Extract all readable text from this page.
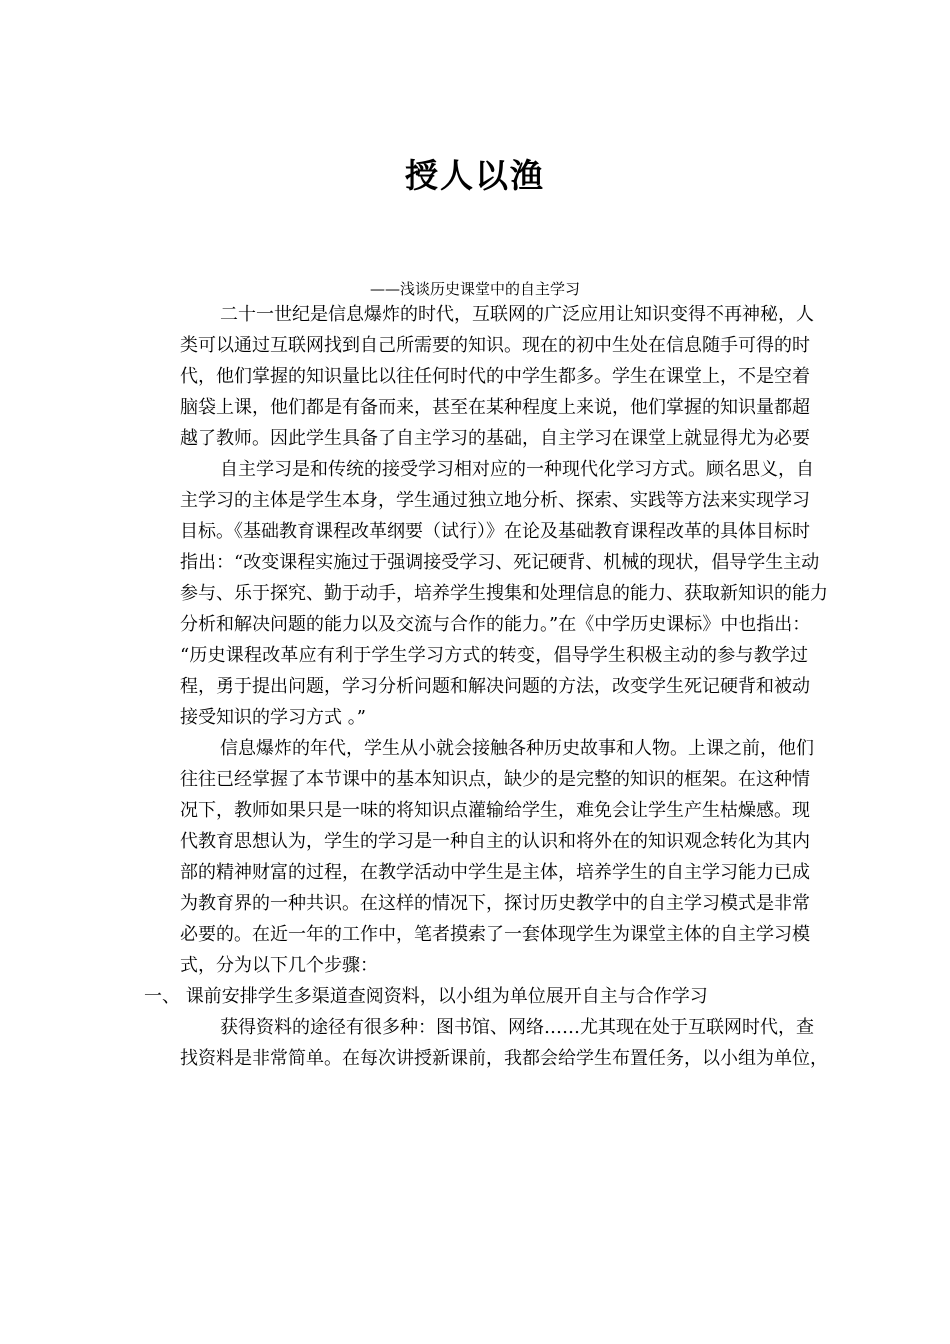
授人以渔
——浅谈历史课堂中的自主学习
二十一世纪是信息爆炸的时代，互联网的广泛应用让知识变得不再神秘，人
类可以通过互联网找到自己所需要的知识。现在的初中生处在信息随手可得的时
代，他们掌握的知识量比以往任何时代的中学生都多。学生在课堂上，不是空着
脑袋上课，他们都是有备而来，甚至在某种程度上来说，他们掌握的知识量都超
越了教师。因此学生具备了自主学习的基础，自主学习在课堂上就显得尤为必要
自主学习是和传统的接受学习相对应的一种现代化学习方式。顾名思义，自
主学习的主体是学生本身，学生通过独立地分析、探索、实践等方法来实现学习
目标。《基础教育课程改革纲要（试行）》在论及基础教育课程改革的具体目标时
指出：“改变课程实施过于强调接受学习、死记硬背、机械的现状，倡导学生主动
参与、乐于探究、勤于动手，培养学生搜集和处理信息的能力、获取新知识的能力
分析和解决问题的能力以及交流与合作的能力。”在《中学历史课标》中也指出：
“历史课程改革应有利于学生学习方式的转变，倡导学生积极主动的参与教学过
程，勇于提出问题，学习分析问题和解决问题的方法，改变学生死记硬背和被动
接受知识的学习方式 。”
信息爆炸的年代，学生从小就会接触各种历史故事和人物。上课之前，他们
往往已经掌握了本节课中的基本知识点，缺少的是完整的知识的框架。在这种情
况下，教师如果只是一味的将知识点灌输给学生，难免会让学生产生枯燥感。现
代教育思想认为，学生的学习是一种自主的认识和将外在的知识观念转化为其内
部的精神财富的过程，在教学活动中学生是主体，培养学生的自主学习能力已成
为教育界的一种共识。在这样的情况下，探讨历史教学中的自主学习模式是非常
必要的。在近一年的工作中，笔者摸索了一套体现学生为课堂主体的自主学习模
式，分为以下几个步骤：
一、 课前安排学生多渠道查阅资料，以小组为单位展开自主与合作学习
获得资料的途径有很多种：图书馆、网络……尤其现在处于互联网时代，查
找资料是非常简单。在每次讲授新课前，我都会给学生布置任务，以小组为单位，
